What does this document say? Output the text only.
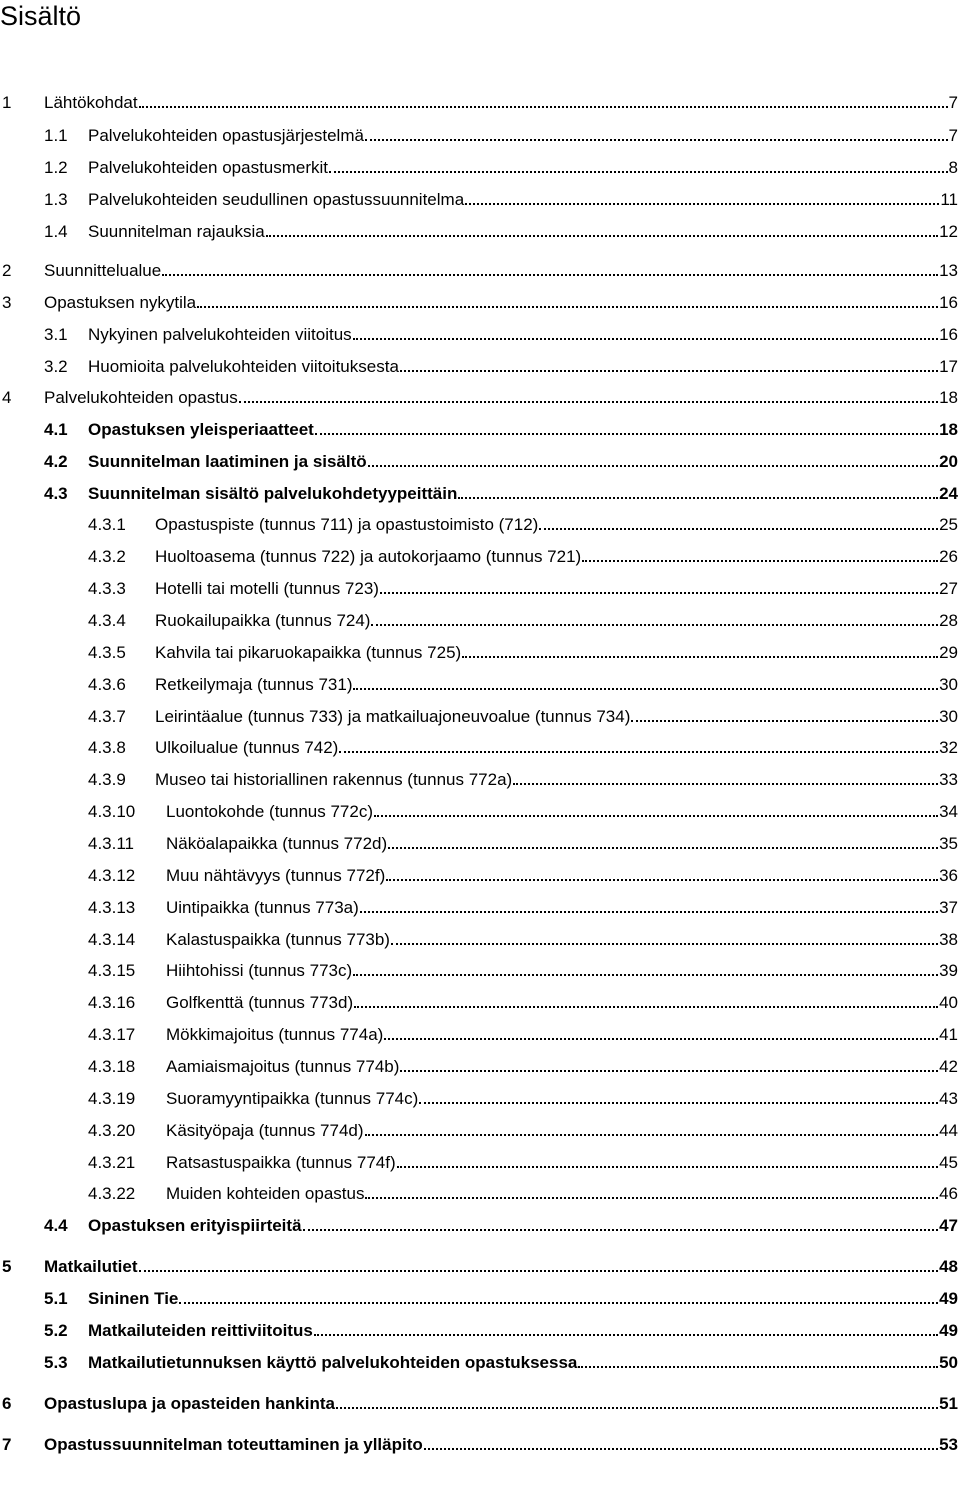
Sisältö
1 Lähtökohdat	7
1.1 Palvelukohteiden opastusjärjestelmä	7
1.2 Palvelukohteiden opastusmerkit	8
1.3 Palvelukohteiden seudullinen opastussuunnitelma	11
1.4 Suunnitelman rajauksia	12
2 Suunnittelualue	13
3 Opastuksen nykytila	16
3.1 Nykyinen palvelukohteiden viitoitus	16
3.2 Huomioita palvelukohteiden viitoituksesta	17
4 Palvelukohteiden opastus	18
4.1 Opastuksen yleisperiaatteet	18
4.2 Suunnitelman laatiminen ja sisältö	20
4.3 Suunnitelman sisältö palvelukohdetyypeittäin	24
4.3.1 Opastuspiste (tunnus 711) ja opastustoimisto (712)	25
4.3.2 Huoltoasema (tunnus 722) ja autokorjaamo (tunnus 721)	26
4.3.3 Hotelli tai motelli (tunnus 723)	27
4.3.4 Ruokailupaikka (tunnus 724)	28
4.3.5 Kahvila tai pikaruokapaikka (tunnus 725)	29
4.3.6 Retkeilymaja (tunnus 731)	30
4.3.7 Leirintäalue (tunnus 733) ja matkailuajoneuvoalue (tunnus 734)	30
4.3.8 Ulkoilualue (tunnus 742)	32
4.3.9 Museo tai historiallinen rakennus (tunnus 772a)	33
4.3.10 Luontokohde (tunnus 772c)	34
4.3.11 Näköalapaikka (tunnus 772d)	35
4.3.12 Muu nähtävyys (tunnus 772f)	36
4.3.13 Uintipaikka (tunnus 773a)	37
4.3.14 Kalastuspaikka (tunnus 773b)	38
4.3.15 Hiihtohissi (tunnus 773c)	39
4.3.16 Golfkenttä (tunnus 773d)	40
4.3.17 Mökkimajoitus (tunnus 774a)	41
4.3.18 Aamiaismajoitus (tunnus 774b)	42
4.3.19 Suoramyyntipaikka (tunnus 774c)	43
4.3.20 Käsityöpaja (tunnus 774d)	44
4.3.21 Ratsastuspaikka (tunnus 774f)	45
4.3.22 Muiden kohteiden opastus	46
4.4 Opastuksen erityispiirteitä	47
5 Matkailutiet	48
5.1 Sininen Tie	49
5.2 Matkailuteiden reittiviitoitus	49
5.3 Matkailutietunnuksen käyttö palvelukohteiden opastuksessa	50
6 Opastuslupa ja opasteiden hankinta	51
7 Opastussuunnitelman toteuttaminen ja ylläpito	53
